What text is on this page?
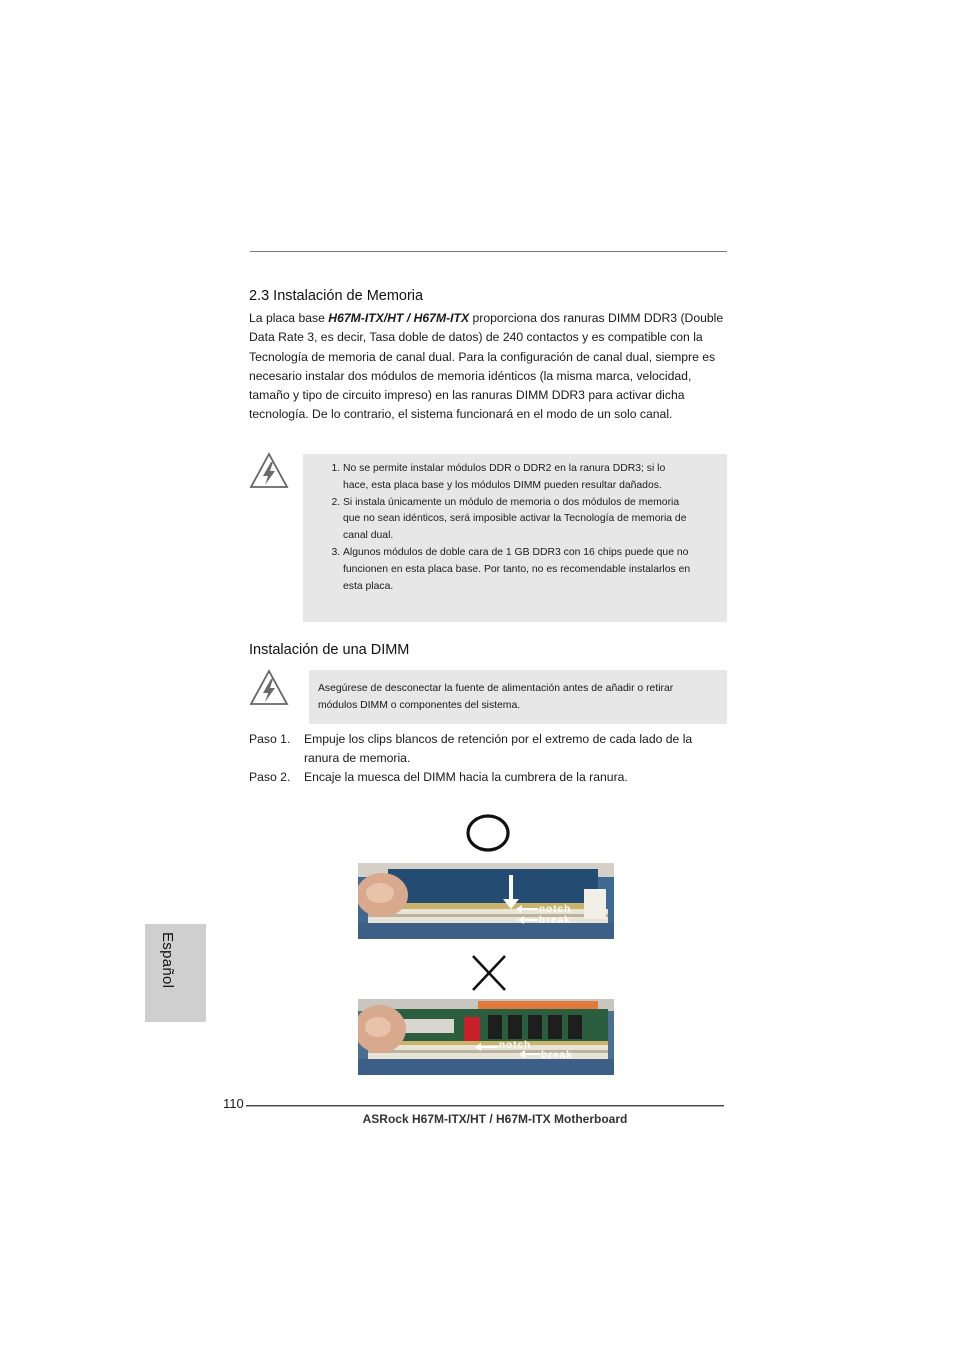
2.3 Instalación de Memoria

La placa base H67M-ITX/HT / H67M-ITX proporciona dos ranuras DIMM DDR3 (Double Data Rate 3, es decir, Tasa doble de datos) de 240 contactos y es compatible con la Tecnología de memoria de canal dual. Para la configuración de canal dual, siempre es necesario instalar dos módulos de memoria idénticos (la misma marca, velocidad, tamaño y tipo de circuito impreso) en las ranuras DIMM DDR3 para activar dicha tecnología. De lo contrario, el sistema funcionará en el modo de un solo canal.

1. No se permite instalar módulos DDR o DDR2 en la ranura DDR3; si lo hace, esta placa base y los módulos DIMM pueden resultar dañados.
2. Si instala únicamente un módulo de memoria o dos módulos de memoria que no sean idénticos, será imposible activar la Tecnología de memoria de canal dual.
3. Algunos módulos de doble cara de 1 GB DDR3 con 16 chips puede que no funcionen en esta placa base. Por tanto, no es recomendable instalarlos en esta placa.
Instalación de una DIMM
Asegúrese de desconectar la fuente de alimentación antes de añadir o retirar módulos DIMM o componentes del sistema.
Paso 1.	Empuje los clips blancos de retención por el extremo de cada lado de la ranura de memoria.
Paso 2.	Encaje la muesca del DIMM hacia la cumbrera de la ranura.
notch
break
notch
break
Español
110
ASRock H67M-ITX/HT / H67M-ITX Motherboard
